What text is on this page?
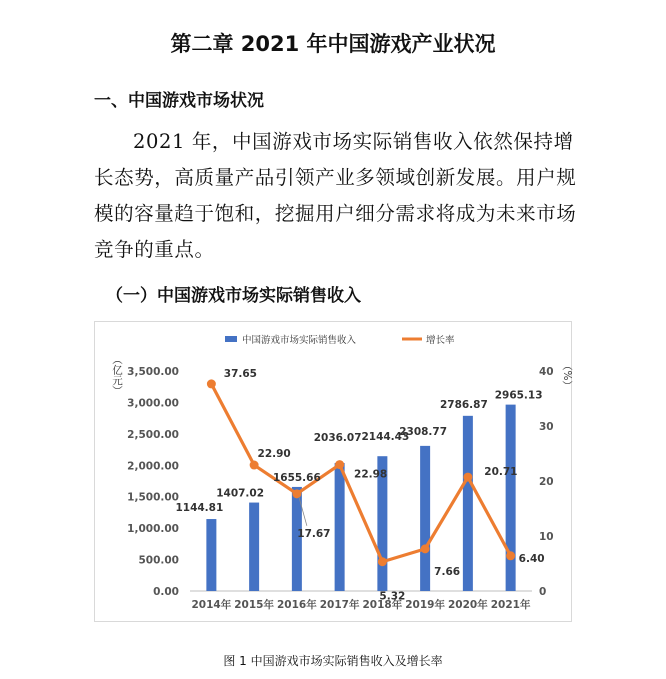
第二章 2021 年中国游戏产业状况
一、中国游戏市场状况

2021 年，中国游戏市场实际销售收入依然保持增长态势，高质量产品引领产业多领域创新发展。用户规模的容量趋于饱和，挖掘用户细分需求将成为未来市场竞争的重点。

（一）中国游戏市场实际销售收入
中国游戏市场实际销售收入	增长率
（亿元）	（%）
0.00
500.00
1,000.00
1,500.00
2,000.00
2,500.00
3,000.00
3,500.00
0
10
20
30
40
2014年 2015年 2016年 2017年 2018年 2019年 2020年 2021年
1144.81
1407.02
1655.66
2036.07 2144.43
2308.77
2786.87
2965.13
37.65
22.90
17.67
22.98
5.32
7.66
20.71
6.40
图 1 中国游戏市场实际销售收入及增长率
